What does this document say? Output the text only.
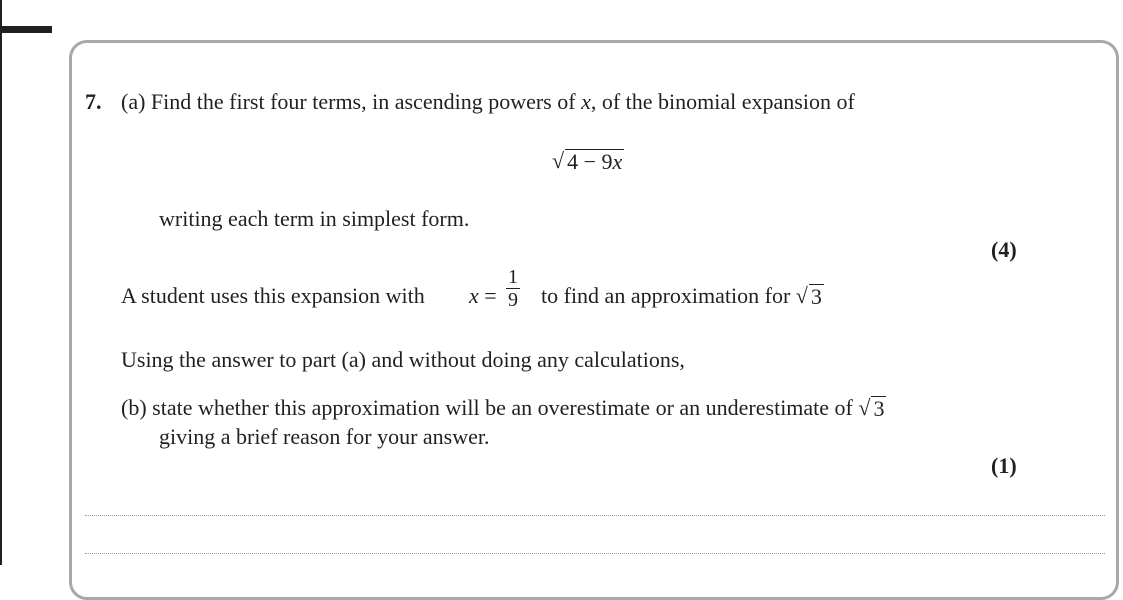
7. (a) Find the first four terms, in ascending powers of x, of the binomial expansion of
√ 4 − 9x
writing each term in simplest form.
(4)
A student uses this expansion with x =
1
9 to find an approximation for √ 3
Using the answer to part (a) and without doing any calculations,
(b) state whether this approximation will be an overestimate or an underestimate of √ 3
giving a brief reason for your answer.
(1)
